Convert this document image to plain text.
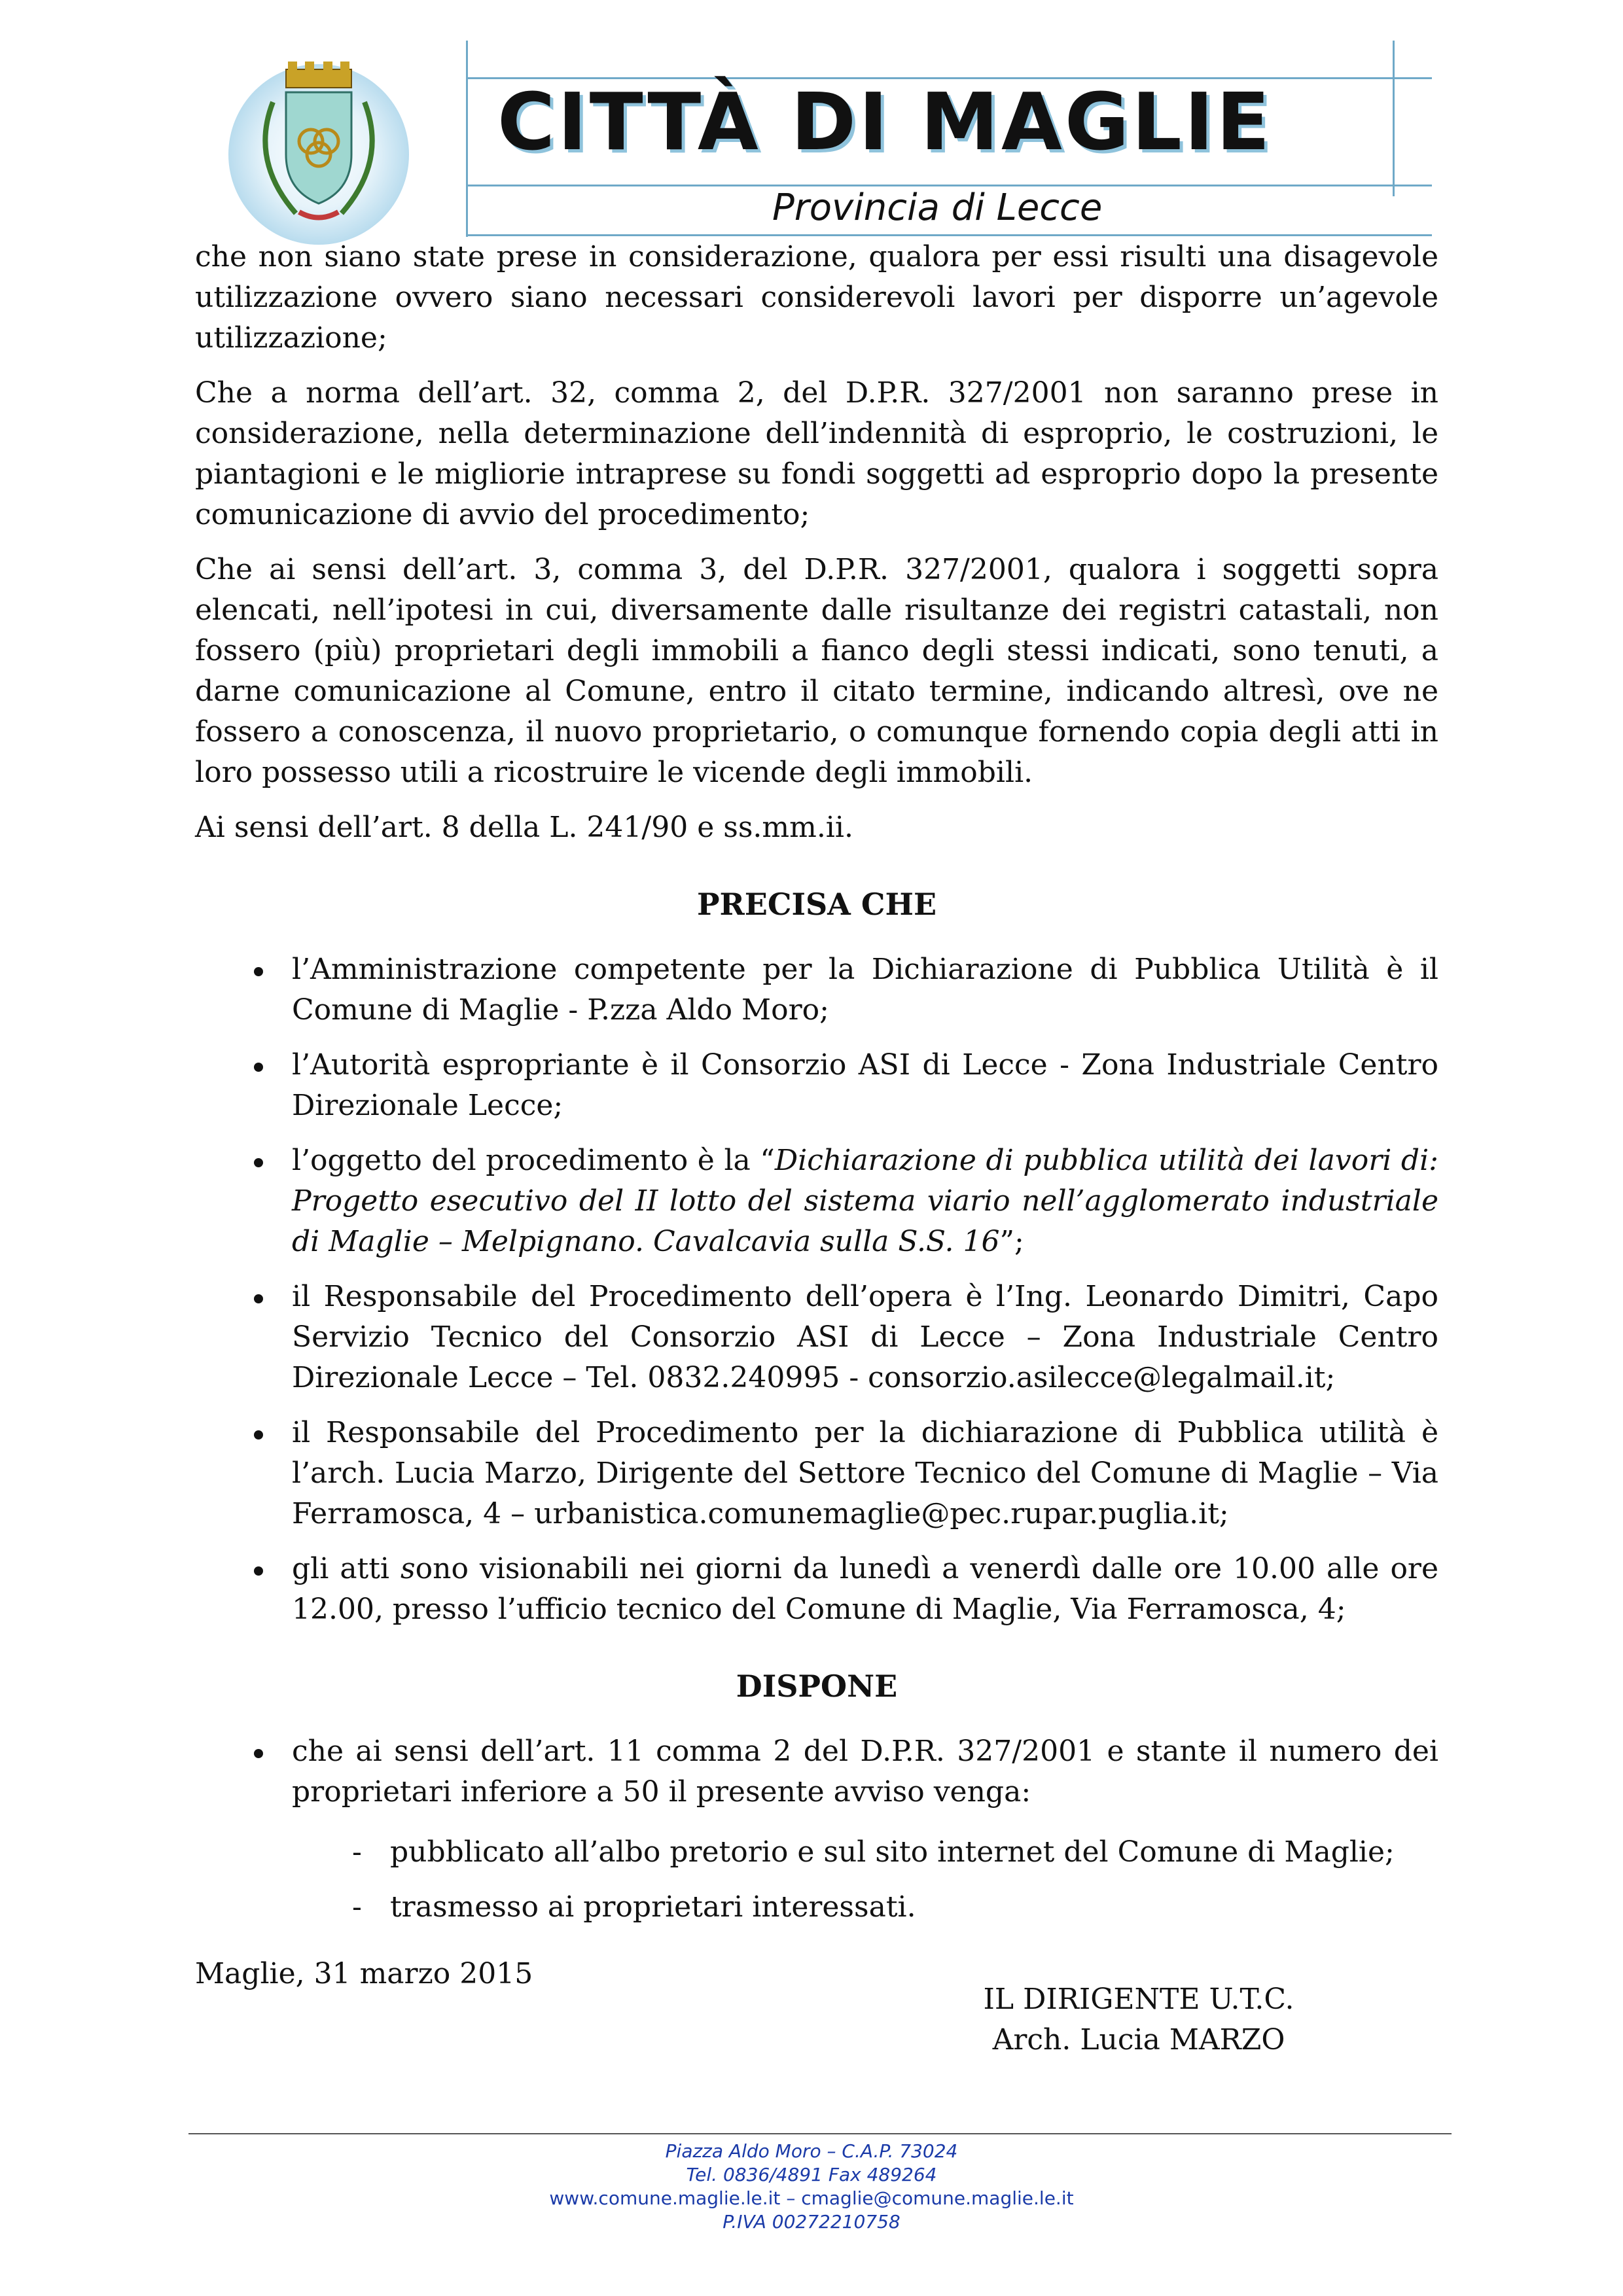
CITTÀ DI MAGLIE
Provincia di Lecce

che non siano state prese in considerazione, qualora per essi risulti una disagevole utilizzazione ovvero siano necessari considerevoli lavori per disporre un’agevole utilizzazione;

Che a norma dell’art. 32, comma 2, del D.P.R. 327/2001 non saranno prese in considerazione, nella determinazione dell’indennità di esproprio, le costruzioni, le piantagioni e le migliorie intraprese su fondi soggetti ad esproprio dopo la presente comunicazione di avvio del procedimento;

Che ai sensi dell’art. 3, comma 3, del D.P.R. 327/2001, qualora i soggetti sopra elencati, nell’ipotesi in cui, diversamente dalle risultanze dei registri catastali, non fossero (più) proprietari degli immobili a fianco degli stessi indicati, sono tenuti, a darne comunicazione al Comune, entro il citato termine, indicando altresì, ove ne fossero a conoscenza, il nuovo proprietario, o comunque fornendo copia degli atti in loro possesso utili a ricostruire le vicende degli immobili.

Ai sensi dell’art. 8 della L. 241/90 e ss.mm.ii.

PRECISA CHE

l’Amministrazione competente per la Dichiarazione di Pubblica Utilità è il Comune di Maglie - P.zza Aldo Moro;
l’Autorità espropriante è il Consorzio ASI di Lecce - Zona Industriale Centro Direzionale Lecce;
l’oggetto del procedimento è la “Dichiarazione di pubblica utilità dei lavori di: Progetto esecutivo del II lotto del sistema viario nell’agglomerato industriale di Maglie – Melpignano. Cavalcavia sulla S.S. 16”;
il Responsabile del Procedimento dell’opera è l’Ing. Leonardo Dimitri, Capo Servizio Tecnico del Consorzio ASI di Lecce – Zona Industriale Centro Direzionale Lecce – Tel. 0832.240995 - consorzio.asilecce@legalmail.it;
il Responsabile del Procedimento per la dichiarazione di Pubblica utilità è l’arch. Lucia Marzo, Dirigente del Settore Tecnico del Comune di Maglie – Via Ferramosca, 4 – urbanistica.comunemaglie@pec.rupar.puglia.it;
gli atti sono visionabili nei giorni da lunedì a venerdì dalle ore 10.00 alle ore 12.00, presso l’ufficio tecnico del Comune di Maglie, Via Ferramosca, 4;

DISPONE

che ai sensi dell’art. 11 comma 2 del D.P.R. 327/2001 e stante il numero dei proprietari inferiore a 50 il presente avviso venga:
- pubblicato all’albo pretorio e sul sito internet del Comune di Maglie;
- trasmesso ai proprietari interessati.

Maglie, 31 marzo 2015

IL DIRIGENTE U.T.C.
Arch. Lucia MARZO
Piazza Aldo Moro – C.A.P. 73024
Tel. 0836/4891 Fax 489264
www.comune.maglie.le.it – cmaglie@comune.maglie.le.it
P.IVA 00272210758
